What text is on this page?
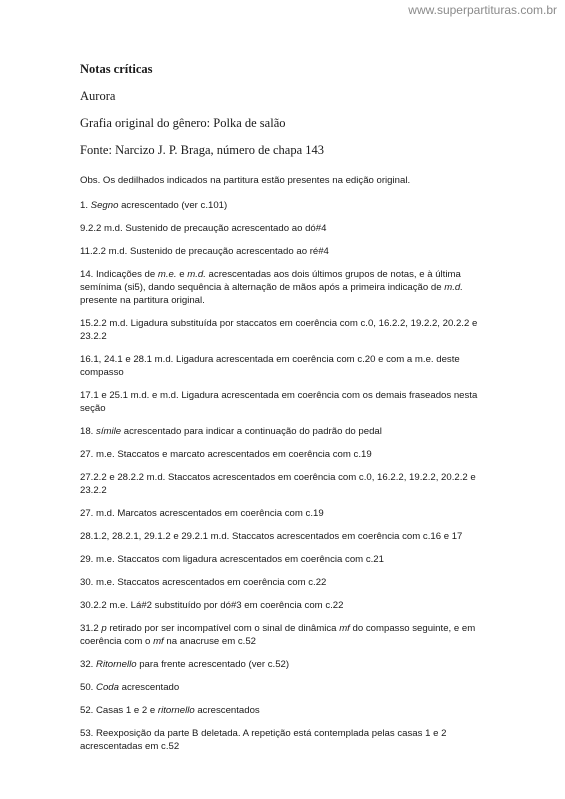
www.superpartituras.com.br
Notas críticas
Aurora
Grafia original do gênero: Polka de salão
Fonte: Narcizo J. P. Braga, número de chapa 143

Obs. Os dedilhados indicados na partitura estão presentes na edição original.

1. Segno acrescentado (ver c.101)

9.2.2 m.d. Sustenido de precaução acrescentado ao dó#4

11.2.2 m.d. Sustenido de precaução acrescentado ao ré#4

14. Indicações de m.e. e m.d. acrescentadas aos dois últimos grupos de notas, e à última semínima (si5), dando sequência à alternação de mãos após a primeira indicação de m.d. presente na partitura original.

15.2.2 m.d. Ligadura substituída por staccatos em coerência com c.0, 16.2.2, 19.2.2, 20.2.2 e 23.2.2

16.1, 24.1 e 28.1 m.d. Ligadura acrescentada em coerência com c.20 e com a m.e. deste compasso

17.1 e 25.1 m.d. e m.d. Ligadura acrescentada em coerência com os demais fraseados nesta seção

18. símile acrescentado para indicar a continuação do padrão do pedal

27. m.e. Staccatos e marcato acrescentados em coerência com c.19

27.2.2 e 28.2.2 m.d. Staccatos acrescentados em coerência com c.0, 16.2.2, 19.2.2, 20.2.2 e 23.2.2

27. m.d. Marcatos acrescentados em coerência com c.19

28.1.2, 28.2.1, 29.1.2 e 29.2.1 m.d. Staccatos acrescentados em coerência com c.16 e 17

29. m.e. Staccatos com ligadura acrescentados em coerência com c.21

30. m.e. Staccatos acrescentados em coerência com c.22

30.2.2 m.e. Lá#2 substituído por dó#3 em coerência com c.22

31.2 p retirado por ser incompatível com o sinal de dinâmica mf do compasso seguinte, e em coerência com o mf na anacruse em c.52

32. Ritornello para frente acrescentado (ver c.52)

50. Coda acrescentado

52. Casas 1 e 2 e ritornello acrescentados

53. Reexposição da parte B deletada. A repetição está contemplada pelas casas 1 e 2 acrescentadas em c.52
